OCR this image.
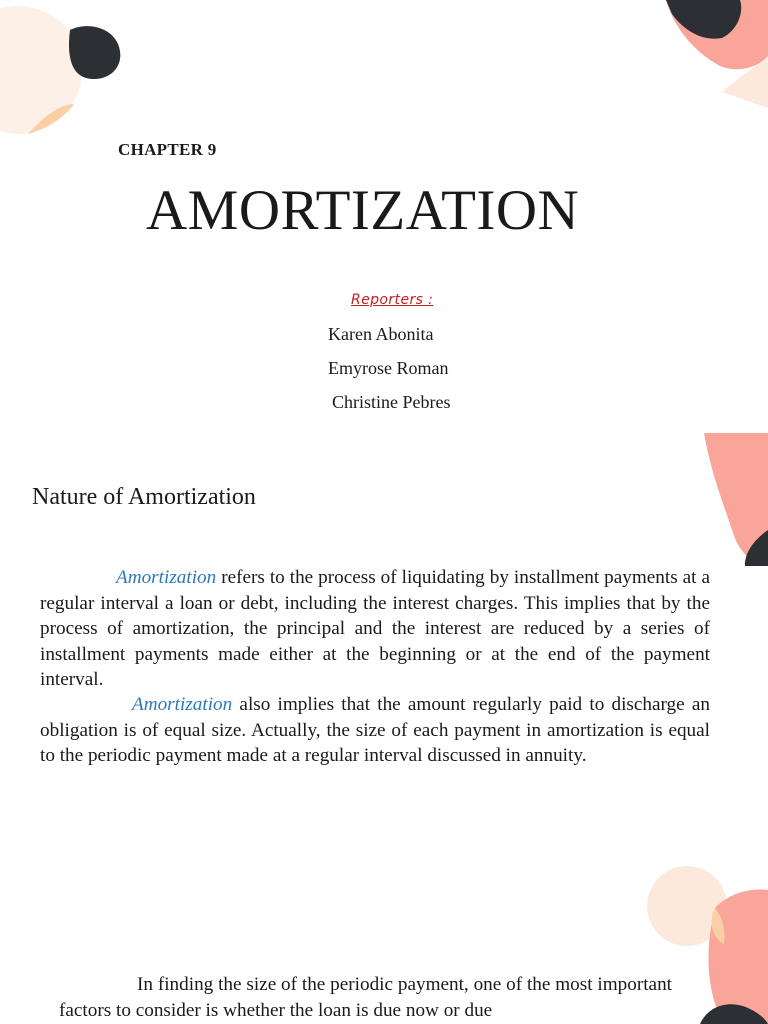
CHAPTER 9
AMORTIZATION
Reporters :
Karen Abonita
Emyrose Roman
Christine Pebres
Nature of Amortization

Amortization refers to the process of liquidating by installment payments at a regular interval a loan or debt, including the interest charges. This implies that by the process of amortization, the principal and the interest are reduced by a series of installment payments made either at the beginning or at the end of the payment interval.

Amortization also implies that the amount regularly paid to discharge an obligation is of equal size. Actually, the size of each payment in amortization is equal to the periodic payment made at a regular interval discussed in annuity.

In finding the size of the periodic payment, one of the most important factors to consider is whether the loan is due now or due
